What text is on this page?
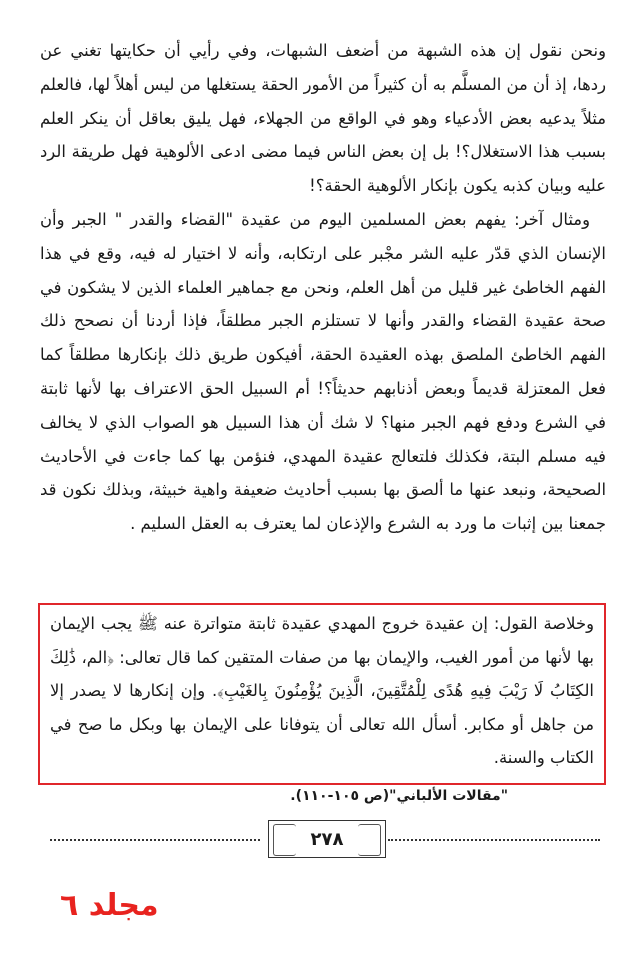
ونحن نقول إن هذه الشبهة من أضعف الشبهات، وفي رأيي أن حكايتها تغني عن ردها، إذ أن من المسلَّم به أن كثيراً من الأمور الحقة يستغلها من ليس أهلاً لها، فالعلم مثلاً يدعيه بعض الأدعياء وهو في الواقع من الجهلاء، فهل يليق بعاقل أن ينكر العلم بسبب هذا الاستغلال؟! بل إن بعض الناس فيما مضى ادعى الألوهية فهل طريقة الرد عليه وبيان كذبه يكون بإنكار الألوهية الحقة؟!

ومثال آخر: يفهم بعض المسلمين اليوم من عقيدة "القضاء والقدر " الجبر وأن الإنسان الذي قدّر عليه الشر مجْبر على ارتكابه، وأنه لا اختيار له فيه، وقع في هذا الفهم الخاطئ غير قليل من أهل العلم، ونحن مع جماهير العلماء الذين لا يشكون في صحة عقيدة القضاء والقدر وأنها لا تستلزم الجبر مطلقاً، فإذا أردنا أن نصحح ذلك الفهم الخاطئ الملصق بهذه العقيدة الحقة، أفيكون طريق ذلك بإنكارها مطلقاً كما فعل المعتزلة قديماً وبعض أذنابهم حديثاً؟! أم السبيل الحق الاعتراف بها لأنها ثابتة في الشرع ودفع فهم الجبر منها؟ لا شك أن هذا السبيل هو الصواب الذي لا يخالف فيه مسلم البتة، فكذلك فلتعالج عقيدة المهدي، فنؤمن بها كما جاءت في الأحاديث الصحيحة، ونبعد عنها ما ألصق بها بسبب أحاديث ضعيفة واهية خبيثة، وبذلك نكون قد جمعنا بين إثبات ما ورد به الشرع والإذعان لما يعترف به العقل السليم .

وخلاصة القول: إن عقيدة خروج المهدي عقيدة ثابتة متواترة عنه ﷺ يجب الإيمان بها لأنها من أمور الغيب، والإيمان بها من صفات المتقين كما قال تعالى: ﴿الم، ذَٰلِكَ الكِتَابُ لَا رَيْبَ فِيهِ هُدًى لِلْمُتَّقِينَ، الَّذِينَ يُؤْمِنُونَ بِالغَيْبِ﴾. وإن إنكارها لا يصدر إلا من جاهل أو مكابر. أسأل الله تعالى أن يتوفانا على الإيمان بها وبكل ما صح في الكتاب والسنة.

"مقالات الألباني"(ص ١٠٥-١١٠).
٢٧٨
مجلد ٦
